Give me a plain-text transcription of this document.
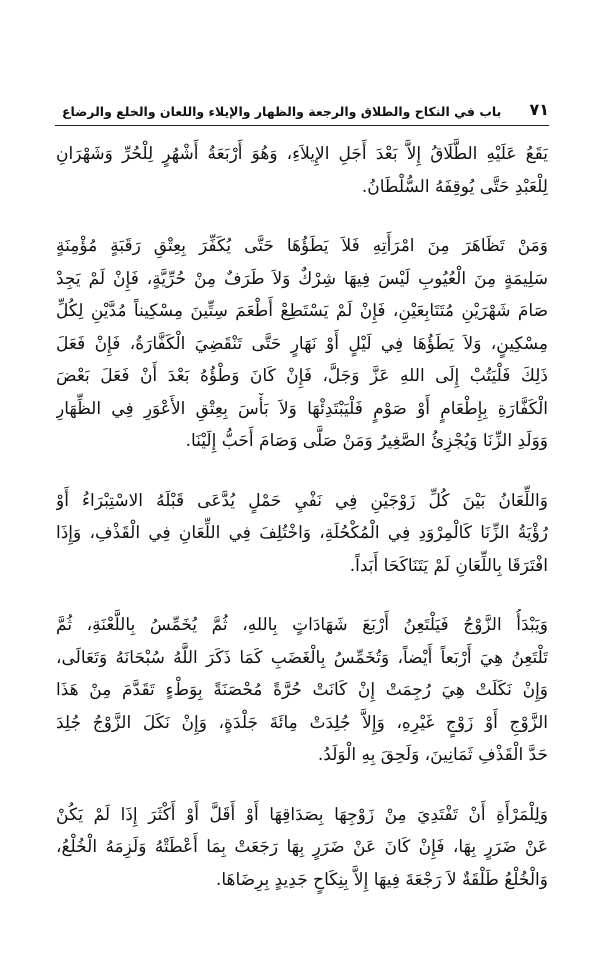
باب في النكاح والطلاق والرجعة والظهار والإيلاء واللعان والخلع والرضاع ٧١
يَقَعُ عَلَيْهِ الطَّلَاقُ إِلاَّ بَعْدَ أَجَلِ الإِيلاَءِ، وَهُوَ أَرْبَعَةُ أَشْهُرٍ لِلْحُرِّ وَشَهْرَانِ
لِلْعَبْدِ حَتَّى يُوقِفَهُ السُّلْطَانُ.
وَمَنْ تَظَاهَرَ مِنَ امْرَأَتِهِ فَلاَ يَطَؤُهَا حَتَّى يُكَفِّرَ بِعِتْقِ رَقَبَةٍ مُؤْمِنَةٍ
سَلِيمَةٍ مِنَ الْعُيُوبِ لَيْسَ فِيهَا شِرْكٌ وَلاَ طَرَفٌ مِنْ حُرِّيَّةٍ، فَإِنْ لَمْ يَجِدْ
صَامَ شَهْرَيْنِ مُتَتَابِعَيْنِ، فَإِنْ لَمْ يَسْتَطِعْ أَطْعَمَ سِتِّينَ مِسْكِيناً مُدَّيْنِ لِكُلِّ
مِسْكِينٍ، وَلاَ يَطَؤُهَا فِي لَيْلٍ أَوْ نَهَارٍ حَتَّى تَنْقَضِيَ الْكَفَّارَةُ، فَإِنْ فَعَلَ
ذَلِكَ فَلْيَتُبْ إِلَى اللهِ عَزَّ وَجَلَّ، فَإِنْ كَانَ وَطْؤُهُ بَعْدَ أَنْ فَعَلَ بَعْضَ
الْكَفَّارَةِ بِإِطْعَامٍ أَوْ صَوْمٍ فَلْيَبْتَدِئْهَا وَلاَ بَأْسَ بِعِتْقِ الأَعْوَرِ فِي الظِّهَارِ
وَوَلَدِ الزِّنَا وَيُجْزِئُ الصَّغِيرُ وَمَنْ صَلَّى وَصَامَ أَحَبُّ إِلَيْنَا.
وَاللِّعَانُ بَيْنَ كُلِّ زَوْجَيْنِ فِي نَفْيِ حَمْلٍ يُدَّعَى قَبْلَهُ الاسْتِبْرَاءُ أَوْ
رُؤْيَةُ الزِّنَا كَالْمِرْوَدِ فِي الْمُكْحُلَةِ، وَاخْتُلِفَ فِي اللِّعَانِ فِي الْقَذْفِ، وَإِذَا
افْتَرَقَا بِاللِّعَانِ لَمْ يَتَنَاكَحَا أَبَداً.
وَيَبْدَأُ الزَّوْجُ فَيَلْتَعِنُ أَرْبَعَ شَهَادَاتٍ بِاللهِ، ثُمَّ يُخَمِّسُ بِاللَّعْنَةِ، ثُمَّ
تَلْتَعِنُ هِيَ أَرْبَعاً أَيْضاً، وَتُخَمِّسُ بِالْغَضَبِ كَمَا ذَكَرَ اللَّهُ سُبْحَانَهُ وَتَعَالَى،
وَإِنْ نَكَلَتْ هِيَ رُجِمَتْ إِنْ كَانَتْ حُرَّةً مُحْصَنَةً بِوَطْءٍ تَقَدَّمَ مِنْ هَذَا
الزَّوْجِ أَوْ زَوْجٍ غَيْرِهِ، وَإِلاَّ جُلِدَتْ مِائَةَ جَلْدَةٍ، وَإِنْ نَكَلَ الزَّوْجُ جُلِدَ
حَدَّ الْقَذْفِ ثَمَانِينَ، وَلَحِقَ بِهِ الْوَلَدُ.
وَلِلْمَرْأَةِ أَنْ تَفْتَدِيَ مِنْ زَوْجِهَا بِصَدَاقِهَا أَوْ أَقَلَّ أَوْ أَكْثَرَ إِذَا لَمْ يَكُنْ
عَنْ ضَرَرٍ بِهَا، فَإِنْ كَانَ عَنْ ضَرَرٍ بِهَا رَجَعَتْ بِمَا أَعْطَتْهُ وَلَزِمَهُ الْخُلْعُ،
وَالْخُلْعُ طَلْقَةٌ لاَ رَجْعَةَ فِيهَا إِلاَّ بِنِكَاحٍ جَدِيدٍ بِرِضَاهَا.
